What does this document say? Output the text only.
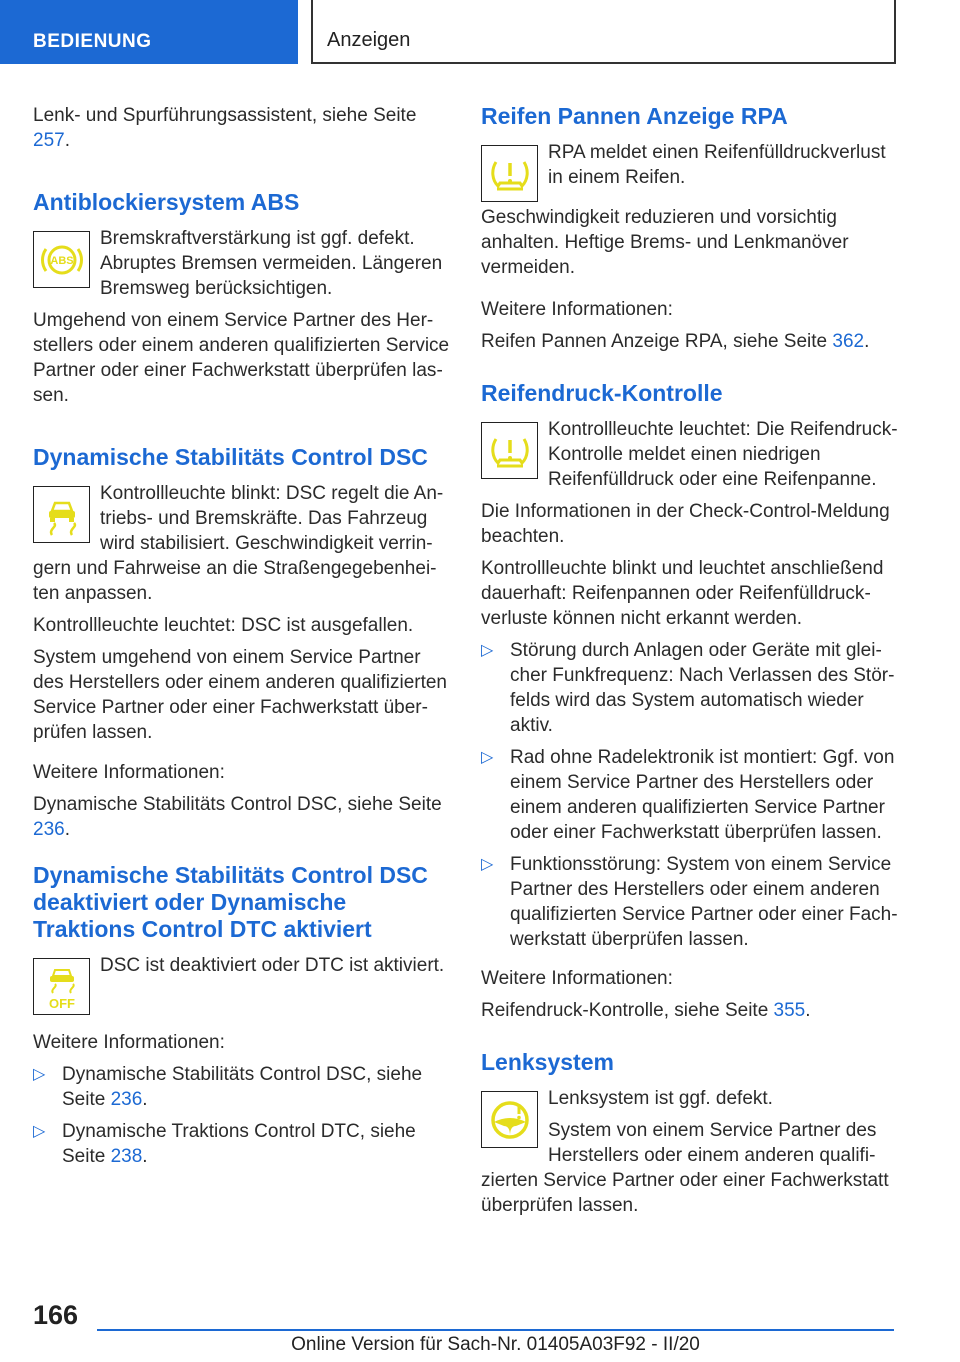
BEDIENUNG	Anzeigen

Lenk- und Spurführungsassistent, siehe Seite 257.

Antiblockiersystem ABS
ABS

Bremskraftverstärkung ist ggf. defekt. Abruptes Bremsen vermeiden. Längeren Bremsweg berücksichtigen.

Umgehend von einem Service Partner des Herstellers oder einem anderen qualifizierten Service Partner oder einer Fachwerkstatt überprüfen lassen.

Dynamische Stabilitäts Control DSC

Kontrollleuchte blinkt: DSC regelt die Antriebs- und Bremskräfte. Das Fahrzeug wird stabilisiert. Geschwindigkeit verringern und Fahrweise an die Straßengegebenheiten anpassen.

Kontrollleuchte leuchtet: DSC ist ausgefallen.

System umgehend von einem Service Partner des Herstellers oder einem anderen qualifizierten Service Partner oder einer Fachwerkstatt überprüfen lassen.

Weitere Informationen:

Dynamische Stabilitäts Control DSC, siehe Seite 236.

Dynamische Stabilitäts Control DSC deaktiviert oder Dynamische Traktions Control DTC aktiviert
OFF

DSC ist deaktiviert oder DTC ist aktiviert.

Weitere Informationen:

▷ Dynamische Stabilitäts Control DSC, siehe Seite 236.
▷ Dynamische Traktions Control DTC, siehe Seite 238.
Reifen Pannen Anzeige RPA

RPA meldet einen Reifenfülldruckverlust in einem Reifen.

Geschwindigkeit reduzieren und vorsichtig anhalten. Heftige Brems- und Lenkmanöver vermeiden.

Weitere Informationen:

Reifen Pannen Anzeige RPA, siehe Seite 362.

Reifendruck-Kontrolle

Kontrollleuchte leuchtet: Die Reifendruck-Kontrolle meldet einen niedrigen Reifenfülldruck oder eine Reifenpanne.

Die Informationen in der Check-Control-Meldung beachten.

Kontrollleuchte blinkt und leuchtet anschließend dauerhaft: Reifenpannen oder Reifenfülldruckverluste können nicht erkannt werden.

▷ Störung durch Anlagen oder Geräte mit gleicher Funkfrequenz: Nach Verlassen des Störfelds wird das System automatisch wieder aktiv.
▷ Rad ohne Radelektronik ist montiert: Ggf. von einem Service Partner des Herstellers oder einem anderen qualifizierten Service Partner oder einer Fachwerkstatt überprüfen lassen.
▷ Funktionsstörung: System von einem Service Partner des Herstellers oder einem anderen qualifizierten Service Partner oder einer Fachwerkstatt überprüfen lassen.

Weitere Informationen:

Reifendruck-Kontrolle, siehe Seite 355.

Lenksystem

Lenksystem ist ggf. defekt.

System von einem Service Partner des Herstellers oder einem anderen qualifizierten Service Partner oder einer Fachwerkstatt überprüfen lassen.

166
Online Version für Sach-Nr. 01405A03F92 - II/20
